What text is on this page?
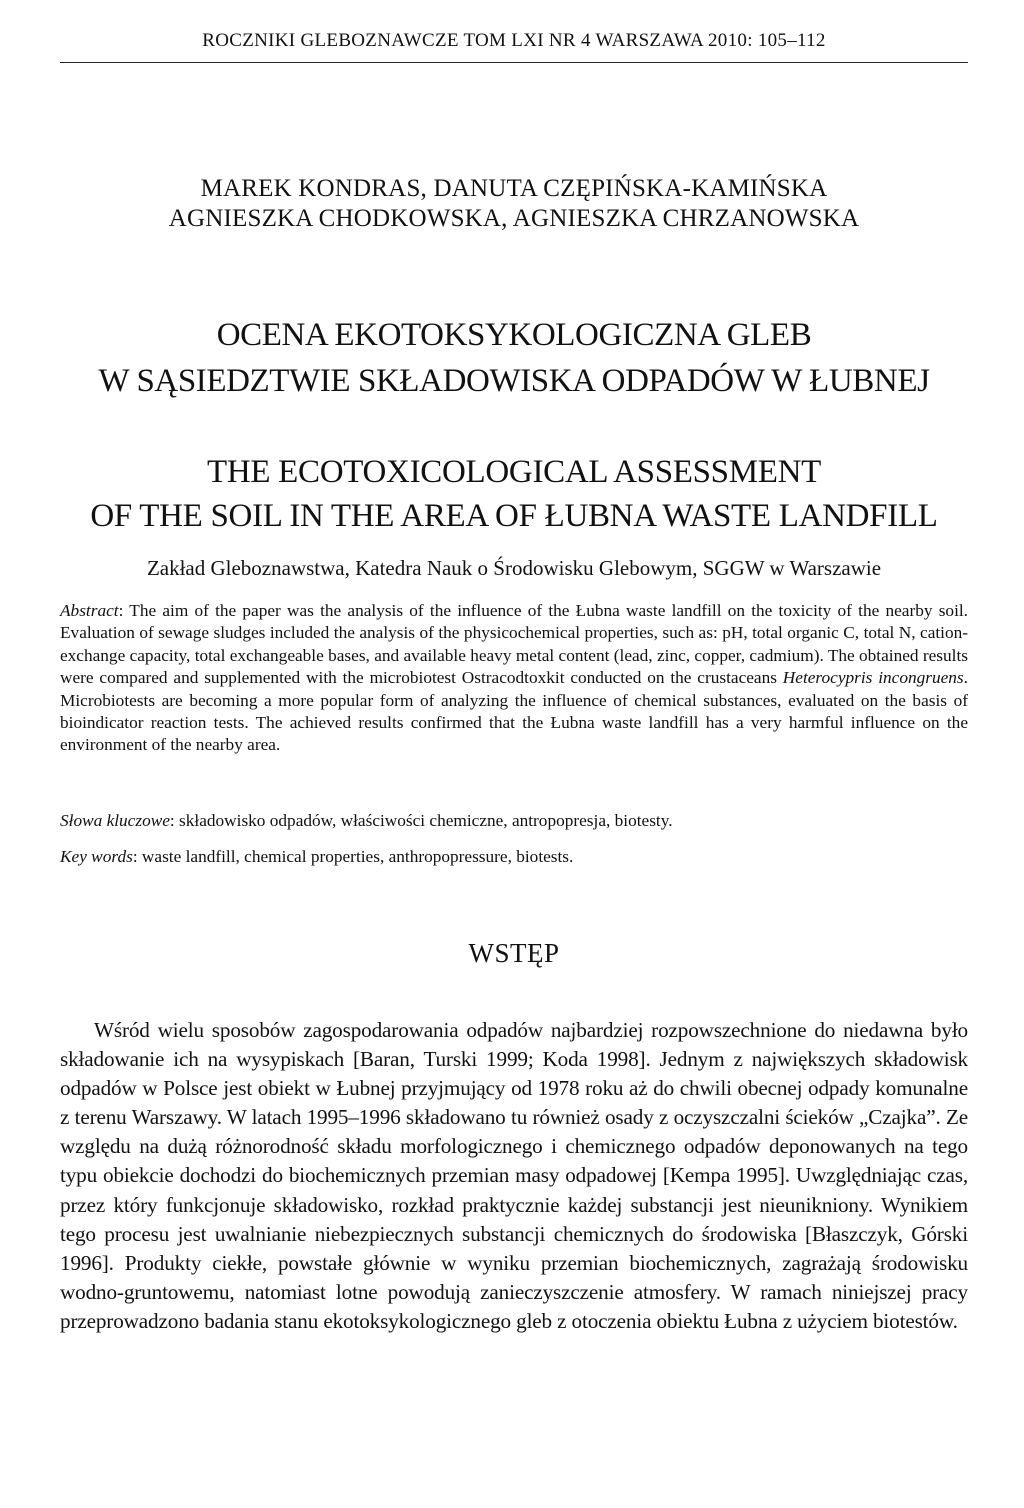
ROCZNIKI GLEBOZNAWCZE TOM LXI NR 4 WARSZAWA 2010: 105–112
MAREK KONDRAS, DANUTA CZĘPIŃSKA-KAMIŃSKA
AGNIESZKA CHODKOWSKA, AGNIESZKA CHRZANOWSKA
OCENA EKOTOKSYKOLOGICZNA GLEB
W SĄSIEDZTWIE SKŁADOWISKA ODPADÓW W ŁUBNEJ
THE ECOTOXICOLOGICAL ASSESSMENT
OF THE SOIL IN THE AREA OF ŁUBNA WASTE LANDFILL
Zakład Gleboznawstwa, Katedra Nauk o Środowisku Glebowym, SGGW w Warszawie
Abstract: The aim of the paper was the analysis of the influence of the Łubna waste landfill on the toxicity of the nearby soil. Evaluation of sewage sludges included the analysis of the physicochemical properties, such as: pH, total organic C, total N, cation-exchange capacity, total exchangeable bases, and available heavy metal content (lead, zinc, copper, cadmium). The obtained results were compared and supplemented with the microbiotest Ostracodtoxkit conducted on the crustaceans Heterocypris incongruens. Microbiotests are becoming a more popular form of analyzing the influence of chemical substances, evaluated on the basis of bioindicator reaction tests. The achieved results confirmed that the Łubna waste landfill has a very harmful influence on the environment of the nearby area.
Słowa kluczowe: składowisko odpadów, właściwości chemiczne, antropopresja, biotesty.
Key words: waste landfill, chemical properties, anthropopressure, biotests.
WSTĘP
Wśród wielu sposobów zagospodarowania odpadów najbardziej rozpowszechnione do niedawna było składowanie ich na wysypiskach [Baran, Turski 1999; Koda 1998]. Jednym z największych składowisk odpadów w Polsce jest obiekt w Łubnej przyjmujący od 1978 roku aż do chwili obecnej odpady komunalne z terenu Warszawy. W latach 1995–1996 składowano tu również osady z oczyszczalni ścieków „Czajka”. Ze względu na dużą różnorodność składu morfologicznego i chemicznego odpadów deponowanych na tego typu obiekcie dochodzi do biochemicznych przemian masy odpadowej [Kempa 1995]. Uwzględniając czas, przez który funkcjonuje składowisko, rozkład praktycznie każdej substancji jest nieunikniony. Wynikiem tego procesu jest uwalnianie niebezpiecznych substancji chemicznych do środowiska [Błaszczyk, Górski 1996]. Produkty ciekłe, powstałe głównie w wyniku przemian biochemicznych, zagrażają środowisku wodno-gruntowemu, natomiast lotne powodują zanieczyszczenie atmosfery. W ramach niniejszej pracy przeprowadzono badania stanu ekotoksykologicznego gleb z otoczenia obiektu Łubna z użyciem biotestów.
